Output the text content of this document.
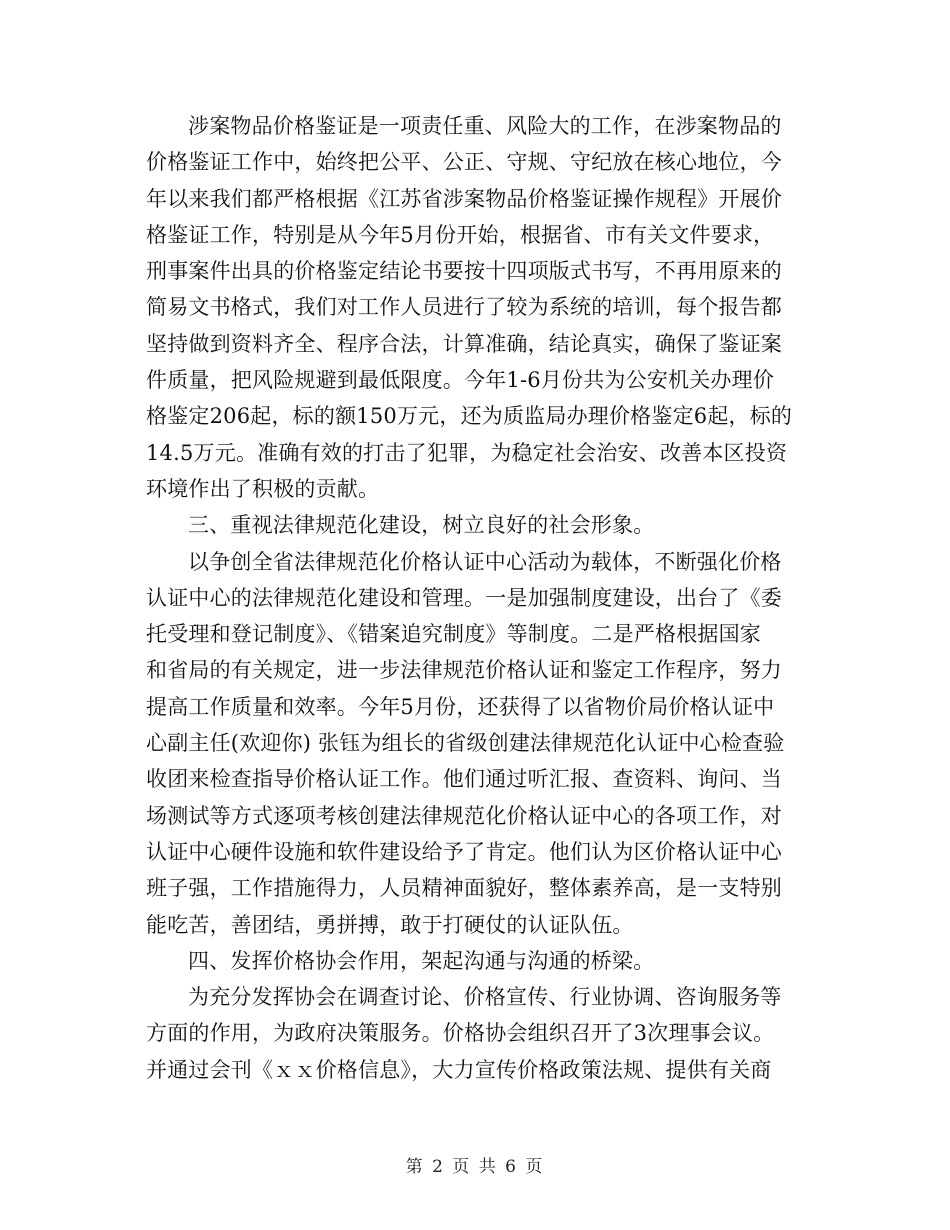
涉案物品价格鉴证是一项责任重、风险大的工作，在涉案物品的
价格鉴证工作中，始终把公平、公正、守规、守纪放在核心地位，今
年以来我们都严格根据《江苏省涉案物品价格鉴证操作规程》开展价
格鉴证工作，特别是从今年5月份开始，根据省、市有关文件要求，
刑事案件出具的价格鉴定结论书要按十四项版式书写，不再用原来的
简易文书格式，我们对工作人员进行了较为系统的培训，每个报告都
坚持做到资料齐全、程序合法，计算准确，结论真实，确保了鉴证案
件质量，把风险规避到最低限度。今年1-6月份共为公安机关办理价
格鉴定206起，标的额150万元，还为质监局办理价格鉴定6起，标的
14.5万元。准确有效的打击了犯罪，为稳定社会治安、改善本区投资
环境作出了积极的贡献。
三、重视法律规范化建设，树立良好的社会形象。
以争创全省法律规范化价格认证中心活动为载体，不断强化价格
认证中心的法律规范化建设和管理。一是加强制度建设，出台了《委
托受理和登记制度》、《错案追究制度》等制度。二是严格根据国家
和省局的有关规定，进一步法律规范价格认证和鉴定工作程序，努力
提高工作质量和效率。今年5月份，还获得了以省物价局价格认证中
心副主任(欢迎你) 张钰为组长的省级创建法律规范化认证中心检查验
收团来检查指导价格认证工作。他们通过听汇报、查资料、询问、当
场测试等方式逐项考核创建法律规范化价格认证中心的各项工作，对
认证中心硬件设施和软件建设给予了肯定。他们认为区价格认证中心
班子强，工作措施得力，人员精神面貌好，整体素养高，是一支特别
能吃苦，善团结，勇拼搏，敢于打硬仗的认证队伍。
四、发挥价格协会作用，架起沟通与沟通的桥梁。
为充分发挥协会在调查讨论、价格宣传、行业协调、咨询服务等
方面的作用，为政府决策服务。价格协会组织召开了3次理事会议。
并通过会刊《ｘｘ价格信息》，大力宣传价格政策法规、提供有关商
第 2 页 共 6 页
